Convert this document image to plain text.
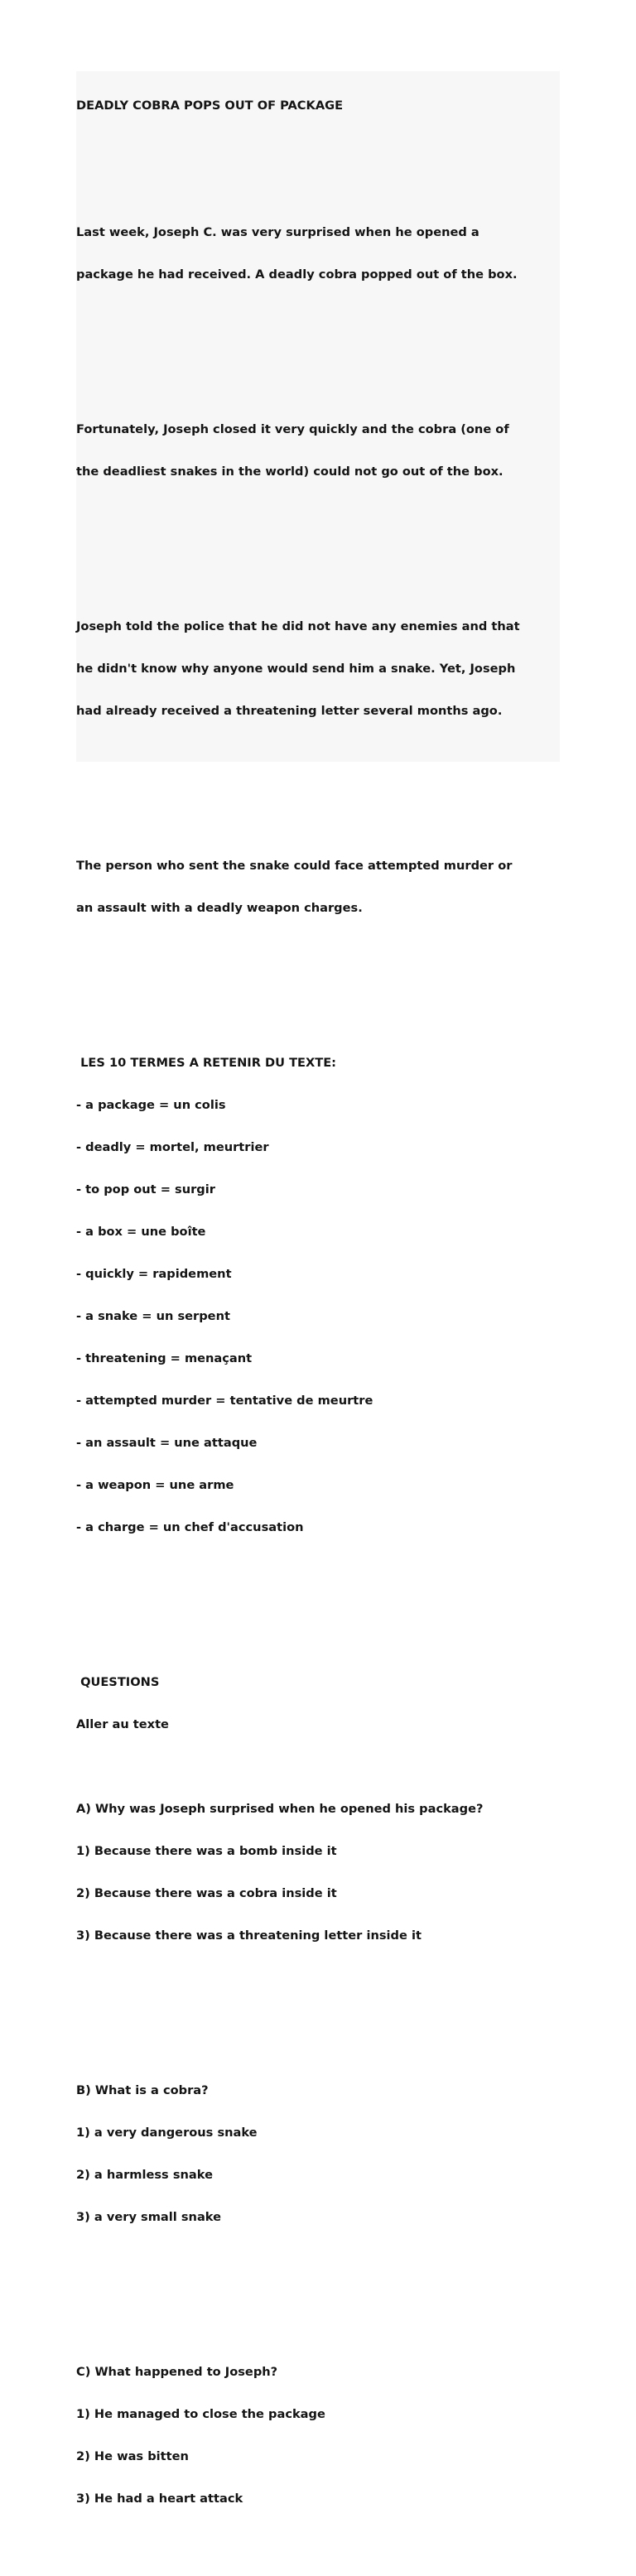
DEADLY COBRA POPS OUT OF PACKAGE

Last week, Joseph C. was very surprised when he opened a

package he had received. A deadly cobra popped out of the box.

Fortunately, Joseph closed it very quickly and the cobra (one of

the deadliest snakes in the world) could not go out of the box.

Joseph told the police that he did not have any enemies and that

he didn't know why anyone would send him a snake. Yet, Joseph

had already received a threatening letter several months ago.

The person who sent the snake could face attempted murder or

an assault with a deadly weapon charges.

LES 10 TERMES A RETENIR DU TEXTE:

- a package = un colis

- deadly = mortel, meurtrier

- to pop out = surgir

- a box = une boîte

- quickly = rapidement

- a snake = un serpent

- threatening = menaçant

- attempted murder = tentative de meurtre

- an assault = une attaque

- a weapon = une arme

- a charge = un chef d'accusation

QUESTIONS

Aller au texte

A) Why was Joseph surprised when he opened his package?

1) Because there was a bomb inside it

2) Because there was a cobra inside it

3) Because there was a threatening letter inside it

B) What is a cobra?

1) a very dangerous snake

2) a harmless snake

3) a very small snake

C) What happened to Joseph?

1) He managed to close the package

2) He was bitten

3) He had a heart attack
